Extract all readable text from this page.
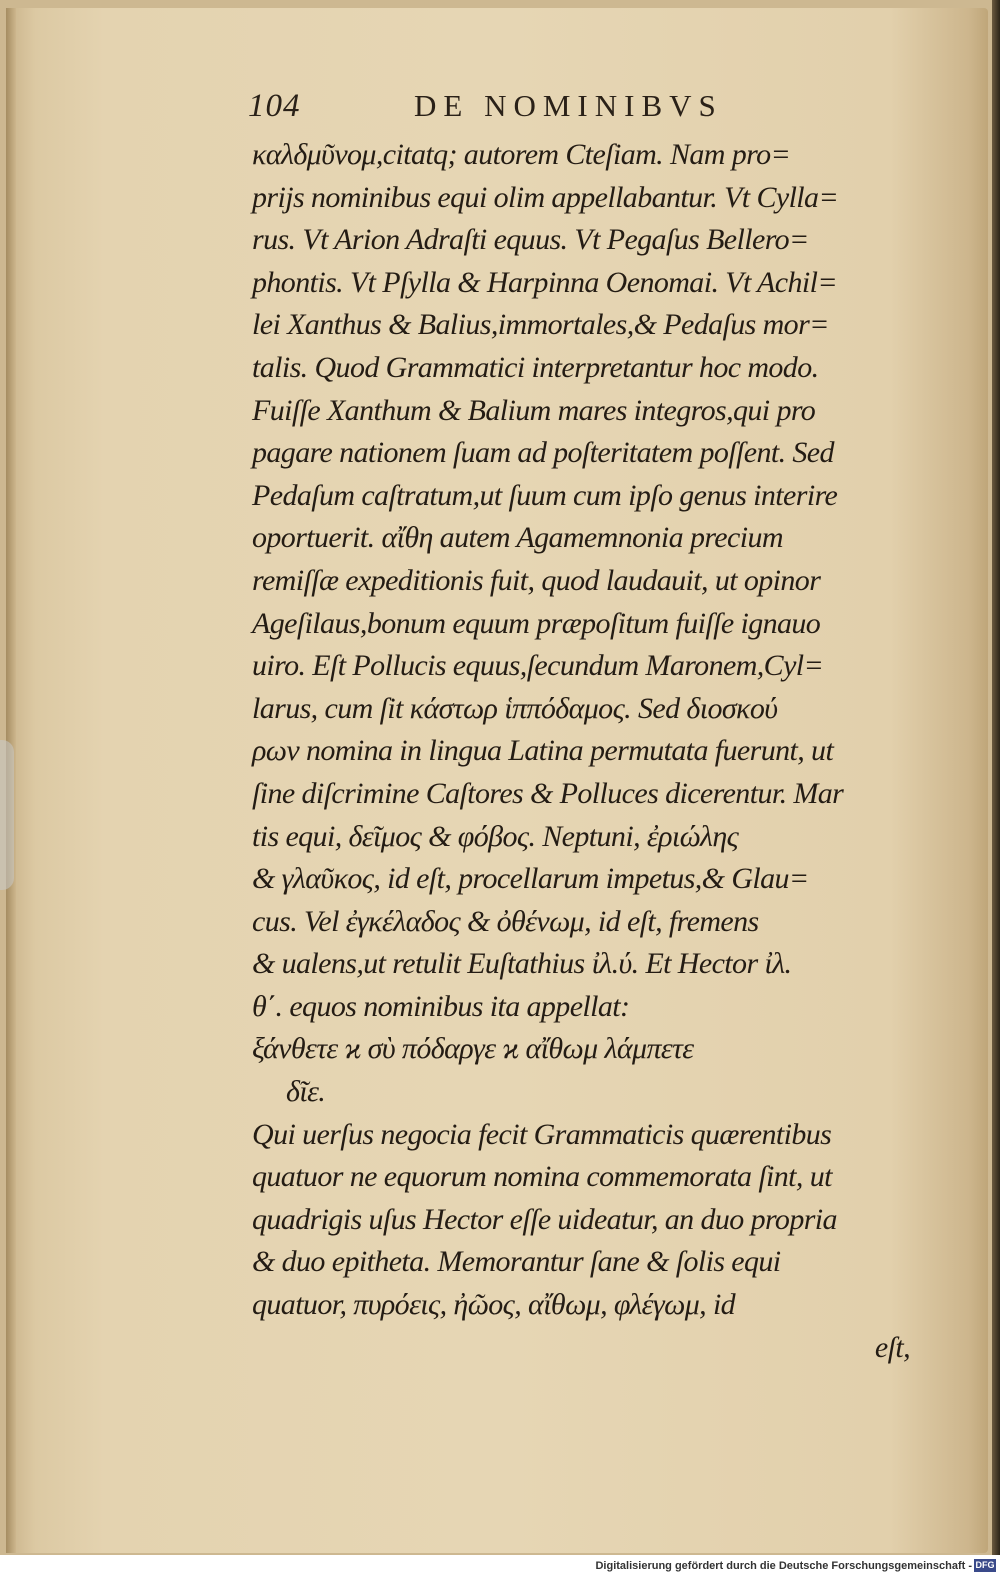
104	DE NOMINIBVS
καλδμῦνομ,citatq; autorem Cteſiam. Nam pro=
prijs nominibus equi olim appellabantur. Vt Cylla=
rus. Vt Arion Adraſti equus. Vt Pegaſus Bellero=
phontis. Vt Pſylla & Harpinna Oenomai. Vt Achil=
lei Xanthus & Balius,immortales,& Pedaſus mor=
talis. Quod Grammatici interpretantur hoc modo.
Fuiſſe Xanthum & Balium mares integros,qui pro
pagare nationem ſuam ad poſteritatem poſſent. Sed
Pedaſum caſtratum,ut ſuum cum ipſo genus interire
oportuerit. αἴθη autem Agamemnonia precium
remiſſæ expeditionis fuit, quod laudauit, ut opinor
Ageſilaus,bonum equum præpoſitum fuiſſe ignauo
uiro. Eſt Pollucis equus,ſecundum Maronem,Cyl=
larus, cum ſit κάστωρ ἱππόδαμος. Sed διοσκού
ρων nomina in lingua Latina permutata fuerunt, ut
ſine diſcrimine Caſtores & Polluces dicerentur. Mar
tis equi, δεῖμος & φόβος. Neptuni, ἐριώλης
& γλαῦκος, id eſt, procellarum impetus,& Glau=
cus. Vel ἐγκέλαδος & ὀθένωμ, id eſt, fremens
& ualens,ut retulit Euſtathius ἰλ.ύ. Et Hector ἰλ.
θ΄. equos nominibus ita appellat:
ξάνθετε ϰ σὺ πόδαργε ϰ αἴθωμ λάμπετε
δῖε.
Qui uerſus negocia fecit Grammaticis quærentibus
quatuor ne equorum nomina commemorata ſint, ut
quadrigis uſus Hector eſſe uideatur, an duo propria
& duo epitheta. Memorantur ſane & ſolis equi
quatuor, πυρόεις, ἠῶος, αἴθωμ, φλέγωμ, id
eſt,
Digitalisierung gefördert durch die Deutsche Forschungsgemeinschaft - DFG
